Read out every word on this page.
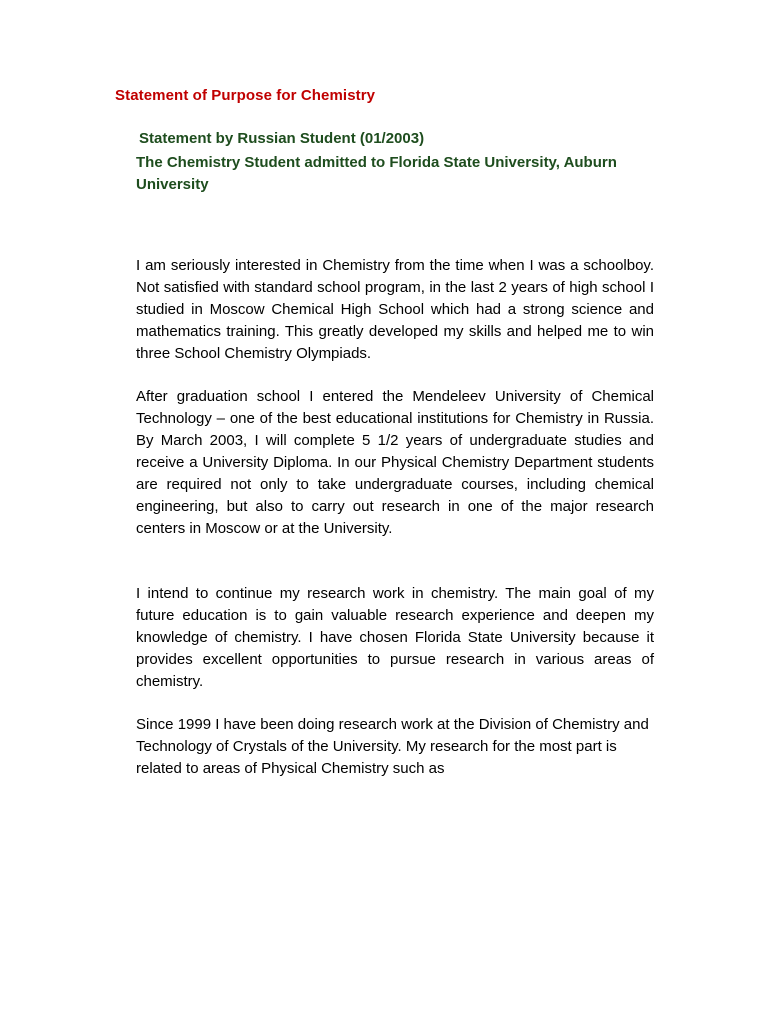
Statement of Purpose for Chemistry
Statement by Russian Student (01/2003)
The Chemistry Student admitted to Florida State University, Auburn University

I am seriously interested in Chemistry from the time when I was a schoolboy. Not satisfied with standard school program, in the last 2 years of high school I studied in Moscow Chemical High School which had a strong science and mathematics training. This greatly developed my skills and helped me to win three School Chemistry Olympiads.

After graduation school I entered the Mendeleev University of Chemical Technology – one of the best educational institutions for Chemistry in Russia. By March 2003, I will complete 5 1/2 years of undergraduate studies and receive a University Diploma. In our Physical Chemistry Department students are required not only to take undergraduate courses, including chemical engineering, but also to carry out research in one of the major research centers in Moscow or at the University.

I intend to continue my research work in chemistry. The main goal of my future education is to gain valuable research experience and deepen my knowledge of chemistry. I have chosen Florida State University because it provides excellent opportunities to pursue research in various areas of chemistry.

Since 1999 I have been doing research work at the Division of Chemistry and Technology of Crystals of the University. My research for the most part is related to areas of Physical Chemistry such as
